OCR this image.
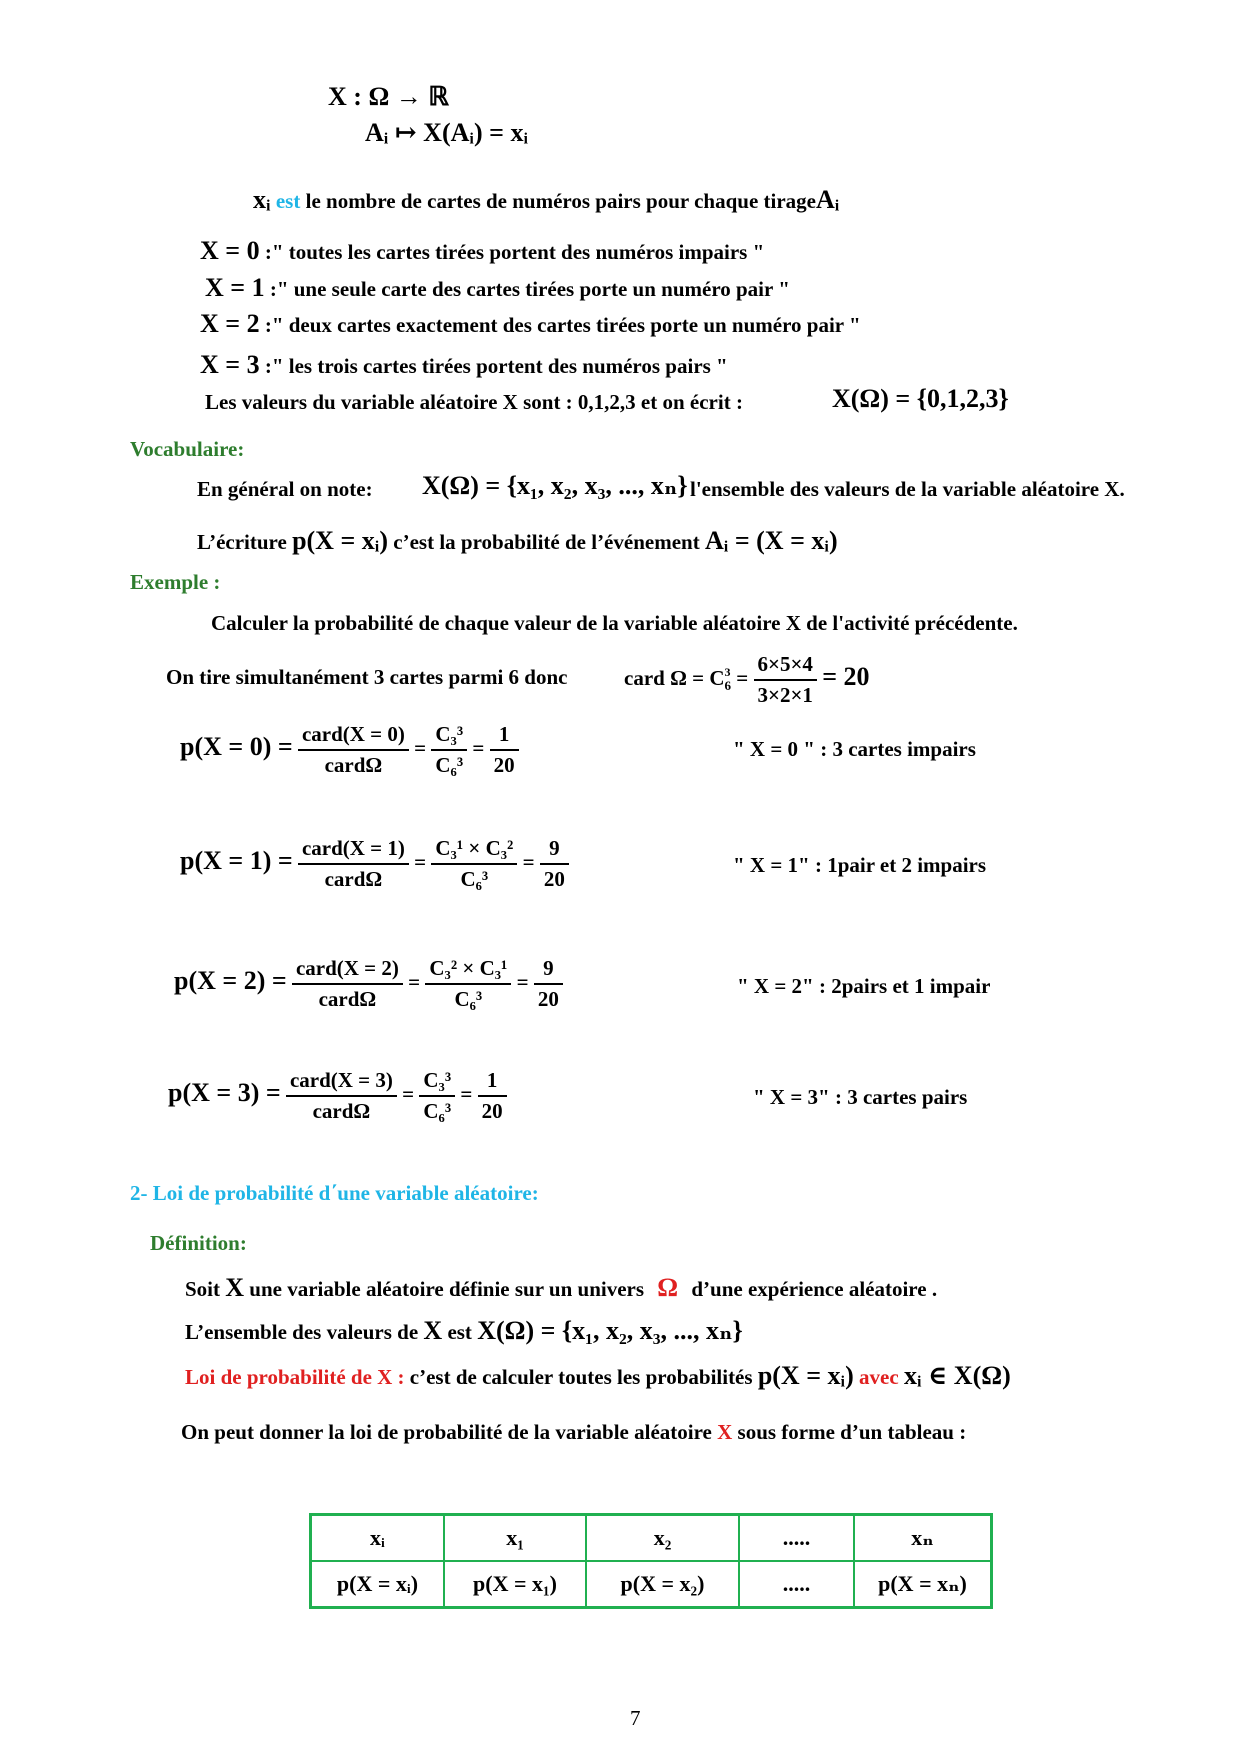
X : Ω → ℝ
Aᵢ ↦ X(Aᵢ) = xᵢ
xᵢ est le nombre de cartes de numéros pairs pour chaque tirageAᵢ
X = 0 :" toutes les cartes tirées portent des numéros impairs "
X = 1 :" une seule carte des cartes tirées porte un numéro pair "
X = 2 :" deux cartes exactement des cartes tirées porte un numéro pair "
X = 3 :" les trois cartes tirées portent des numéros pairs "
Les valeurs du variable aléatoire X sont : 0,1,2,3 et on écrit :	X(Ω) = {0,1,2,3}
Vocabulaire:
En général on note: X(Ω) = {x₁, x₂, x₃, ..., xₙ} l'ensemble des valeurs de la variable aléatoire X.
L’écriture p(X = xᵢ) c’est la probabilité de l’événement Aᵢ = (X = xᵢ)
Exemple :
Calculer la probabilité de chaque valeur de la variable aléatoire X de l'activité précédente.
On tire simultanément 3 cartes parmi 6 donc	card $\Omega = C^3_6 = \frac{6\times 5\times 4}{3\times 2\times 1} = 20$
$p(X = 0) = \frac{\text{card(X = 0)}}{\text{cardΩ}} = \frac{\text{C₃³}}{\text{C₆³}} = \frac{1}{20}$	" X = 0 " : 3 cartes impairs
$p(X = 1) = \frac{\text{card(X = 1)}}{\text{cardΩ}} = \frac{\text{C₃¹ × C₃²}}{\text{C₆³}} = \frac{9}{20}$	" X = 1" : 1pair et 2 impairs
$p(X = 2) = \frac{\text{card(X = 2)}}{\text{cardΩ}} = \frac{\text{C₃² × C₃¹}}{\text{C₆³}} = \frac{9}{20}$	" X = 2" : 2pairs et 1 impair
$p(X = 3) = \frac{\text{card(X = 3)}}{\text{cardΩ}} = \frac{\text{C₃³}}{\text{C₆³}} = \frac{1}{20}$	" X = 3" : 3 cartes pairs
2- Loi de probabilité d΄une variable aléatoire:
Définition:
Soit X une variable aléatoire définie sur un univers Ω d’une expérience aléatoire .
L’ensemble des valeurs de X est X(Ω) = {x₁, x₂, x₃, ..., xₙ}
Loi de probabilité de X : c’est de calculer toutes les probabilités p(X = xᵢ) avec xᵢ ∈ X(Ω)
On peut donner la loi de probabilité de la variable aléatoire X sous forme d’un tableau :
xᵢ	x₁	x₂	.....	xₙ
p(X = xᵢ)	p(X = x₁)	p(X = x₂)	.....	p(X = xₙ)
7
